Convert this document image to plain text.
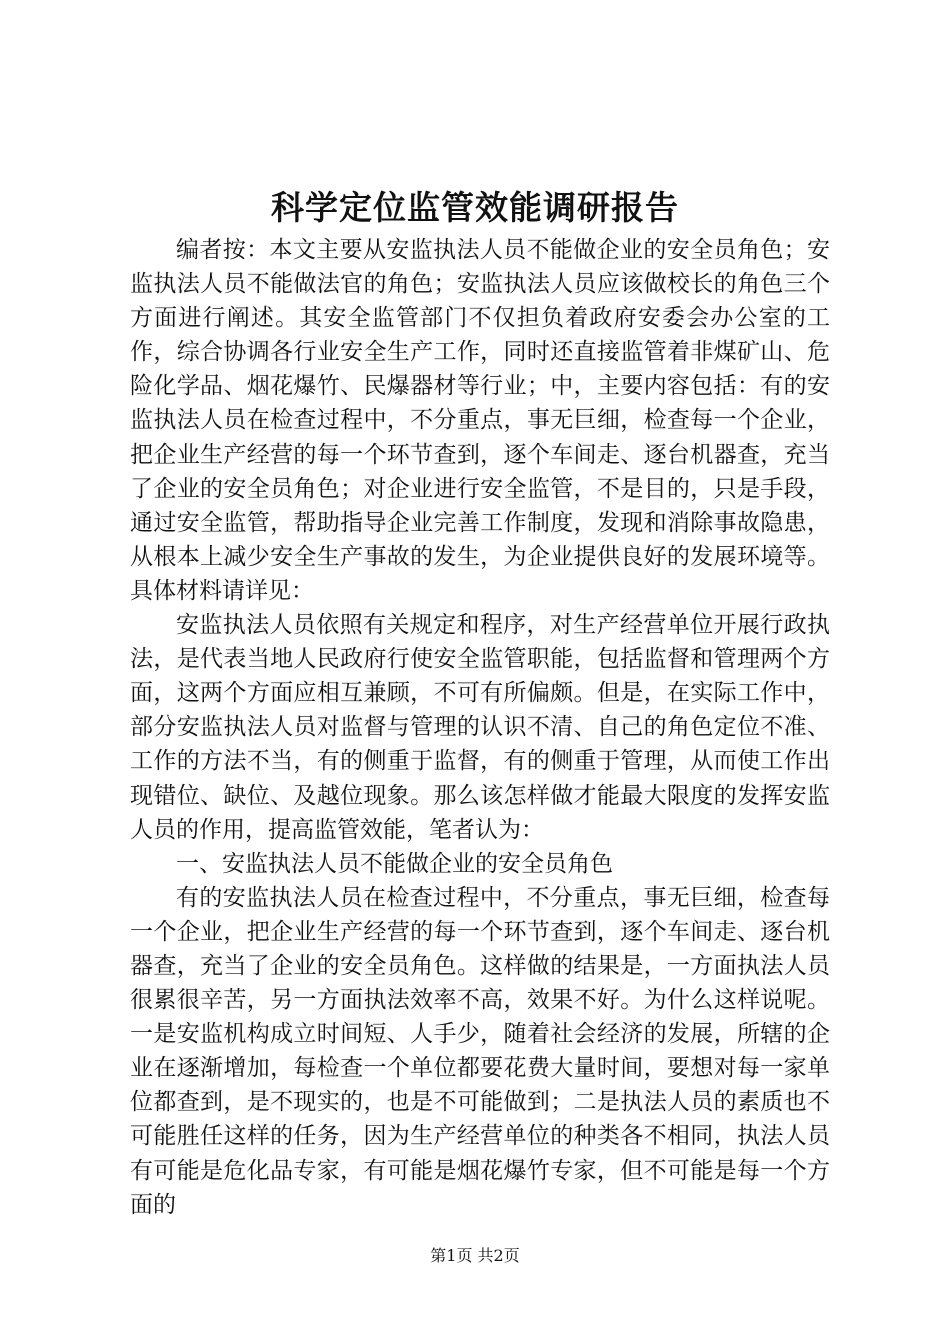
科学定位监管效能调研报告

编者按：本文主要从安监执法人员不能做企业的安全员角色；安监执法人员不能做法官的角色；安监执法人员应该做校长的角色三个方面进行阐述。其安全监管部门不仅担负着政府安委会办公室的工作，综合协调各行业安全生产工作，同时还直接监管着非煤矿山、危险化学品、烟花爆竹、民爆器材等行业；中，主要内容包括：有的安监执法人员在检查过程中，不分重点，事无巨细，检查每一个企业，把企业生产经营的每一个环节查到，逐个车间走、逐台机器查，充当了企业的安全员角色；对企业进行安全监管，不是目的，只是手段，通过安全监管，帮助指导企业完善工作制度，发现和消除事故隐患，从根本上减少安全生产事故的发生，为企业提供良好的发展环境等。具体材料请详见：

安监执法人员依照有关规定和程序，对生产经营单位开展行政执法，是代表当地人民政府行使安全监管职能，包括监督和管理两个方面，这两个方面应相互兼顾，不可有所偏颇。但是，在实际工作中，部分安监执法人员对监督与管理的认识不清、自己的角色定位不准、工作的方法不当，有的侧重于监督，有的侧重于管理，从而使工作出现错位、缺位、及越位现象。那么该怎样做才能最大限度的发挥安监人员的作用，提高监管效能，笔者认为：

一、安监执法人员不能做企业的安全员角色

有的安监执法人员在检查过程中，不分重点，事无巨细，检查每一个企业，把企业生产经营的每一个环节查到，逐个车间走、逐台机器查，充当了企业的安全员角色。这样做的结果是，一方面执法人员很累很辛苦，另一方面执法效率不高，效果不好。为什么这样说呢。一是安监机构成立时间短、人手少，随着社会经济的发展，所辖的企业在逐渐增加，每检查一个单位都要花费大量时间，要想对每一家单位都查到，是不现实的，也是不可能做到；二是执法人员的素质也不可能胜任这样的任务，因为生产经营单位的种类各不相同，执法人员有可能是危化品专家，有可能是烟花爆竹专家，但不可能是每一个方面的

第1页 共2页
